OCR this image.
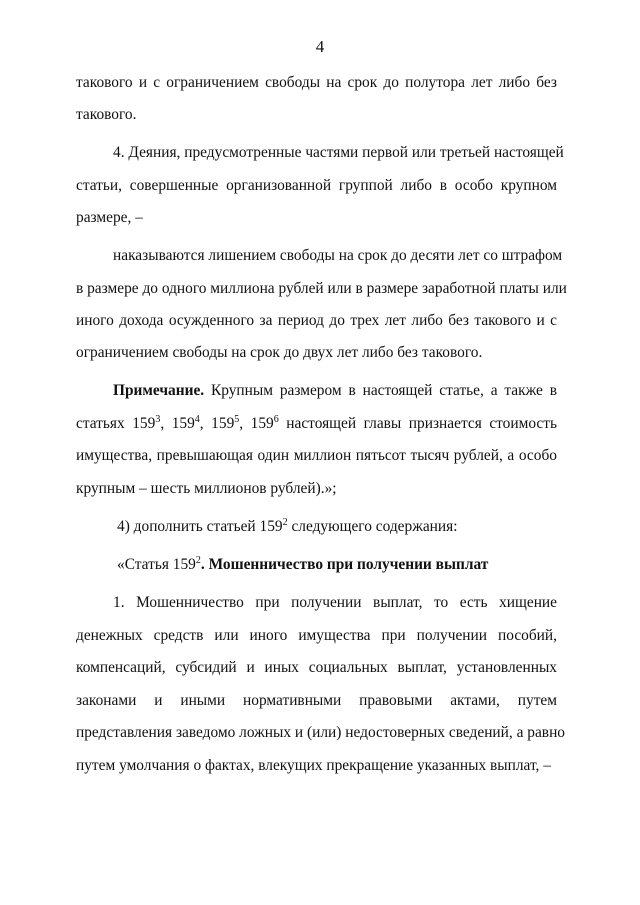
4
такового и с ограничением свободы на срок до полутора лет либо без
такового.
4. Деяния, предусмотренные частями первой или третьей настоящей
статьи, совершенные организованной группой либо в особо крупном
размере, –
наказываются лишением свободы на срок до десяти лет со штрафом
в размере до одного миллиона рублей или в размере заработной платы или
иного дохода осужденного за период до трех лет либо без такового и с
ограничением свободы на срок до двух лет либо без такового.
Примечание. Крупным размером в настоящей статье, а также в
статьях $159^3$, $159^4$, $159^5$, $159^6$ настоящей главы признается стоимость
имущества, превышающая один миллион пятьсот тысяч рублей, а особо
крупным – шесть миллионов рублей).»;
4) дополнить статьей $159^2$ следующего содержания:
«Статья $159^2$. Мошенничество при получении выплат
1. Мошенничество при получении выплат, то есть хищение
денежных средств или иного имущества при получении пособий,
компенсаций, субсидий и иных социальных выплат, установленных
законами и иными нормативными правовыми актами, путем
представления заведомо ложных и (или) недостоверных сведений, а равно
путем умолчания о фактах, влекущих прекращение указанных выплат, –
